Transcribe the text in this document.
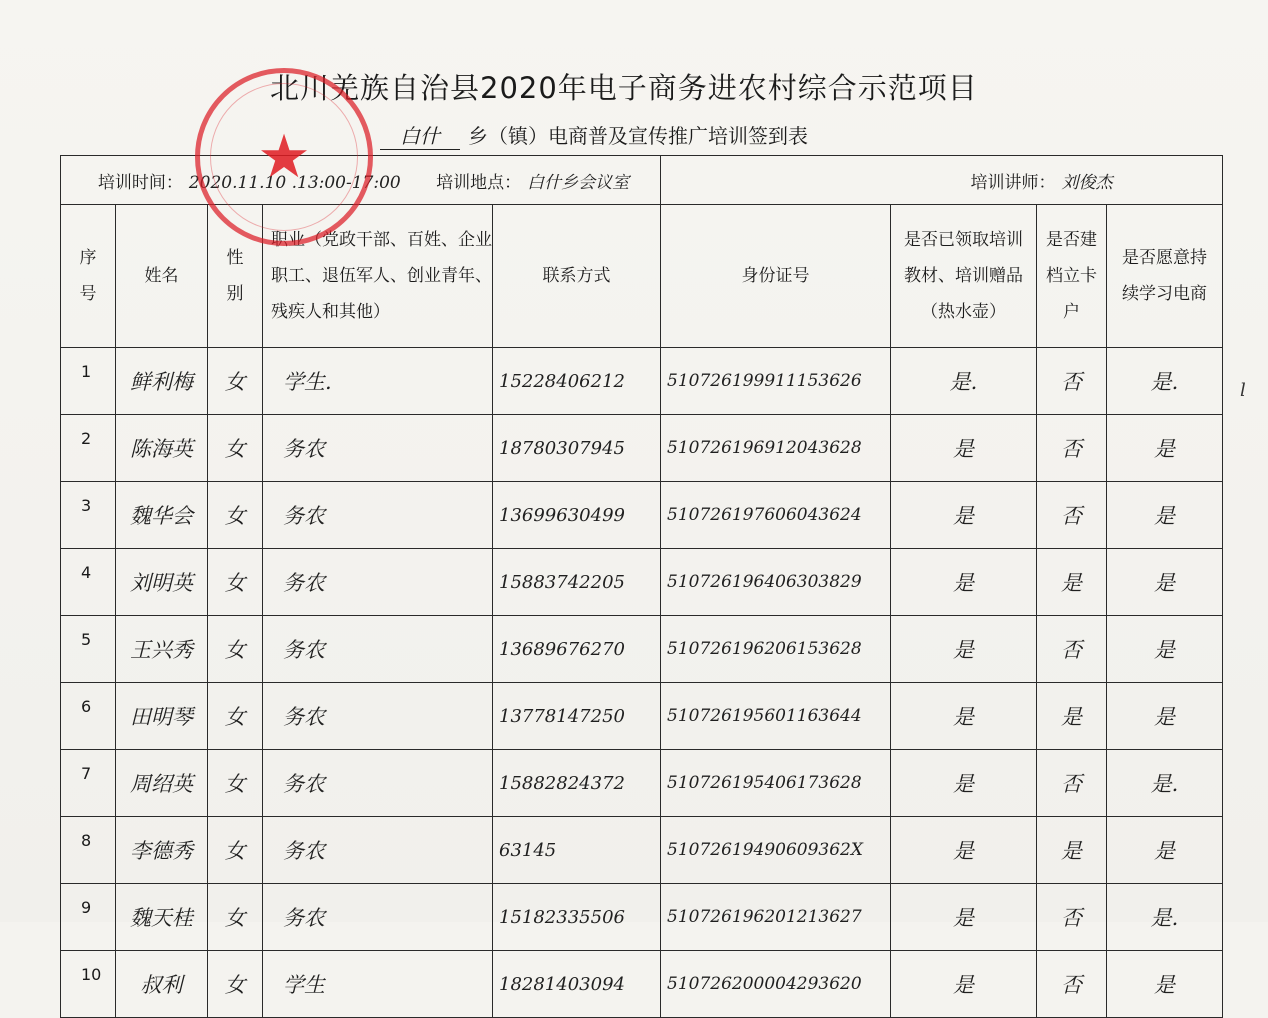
北川羌族自治县2020年电子商务进农村综合示范项目
白什 乡（镇）电商普及宣传推广培训签到表
培训时间： 2020.11.10 .13:00-17:00 培训地点： 白什乡会议室					培训讲师： 刘俊杰			
序号	姓名	性别	职业（党政干部、百姓、企业职工、退伍军人、创业青年、残疾人和其他）	联系方式	身份证号	是否已领取培训教材、培训赠品（热水壶）	是否建档立卡户	是否愿意持续学习电商
1	鲜利梅	女	学生.	15228406212	510726199911153626	是.	否	是.
2	陈海英	女	务农	18780307945	510726196912043628	是	否	是
3	魏华会	女	务农	13699630499	510726197606043624	是	否	是
4	刘明英	女	务农	15883742205	510726196406303829	是	是	是
5	王兴秀	女	务农	13689676270	510726196206153628	是	否	是
6	田明琴	女	务农	13778147250	510726195601163644	是	是	是
7	周绍英	女	务农	15882824372	510726195406173628	是	否	是.
8	李德秀	女	务农	63145	51072619490609362X	是	是	是
9	魏天桂	女	务农	15182335506	510726196201213627	是	否	是.
10	叔利	女	学生	18281403094	510726200004293620	是	否	是
★
l
